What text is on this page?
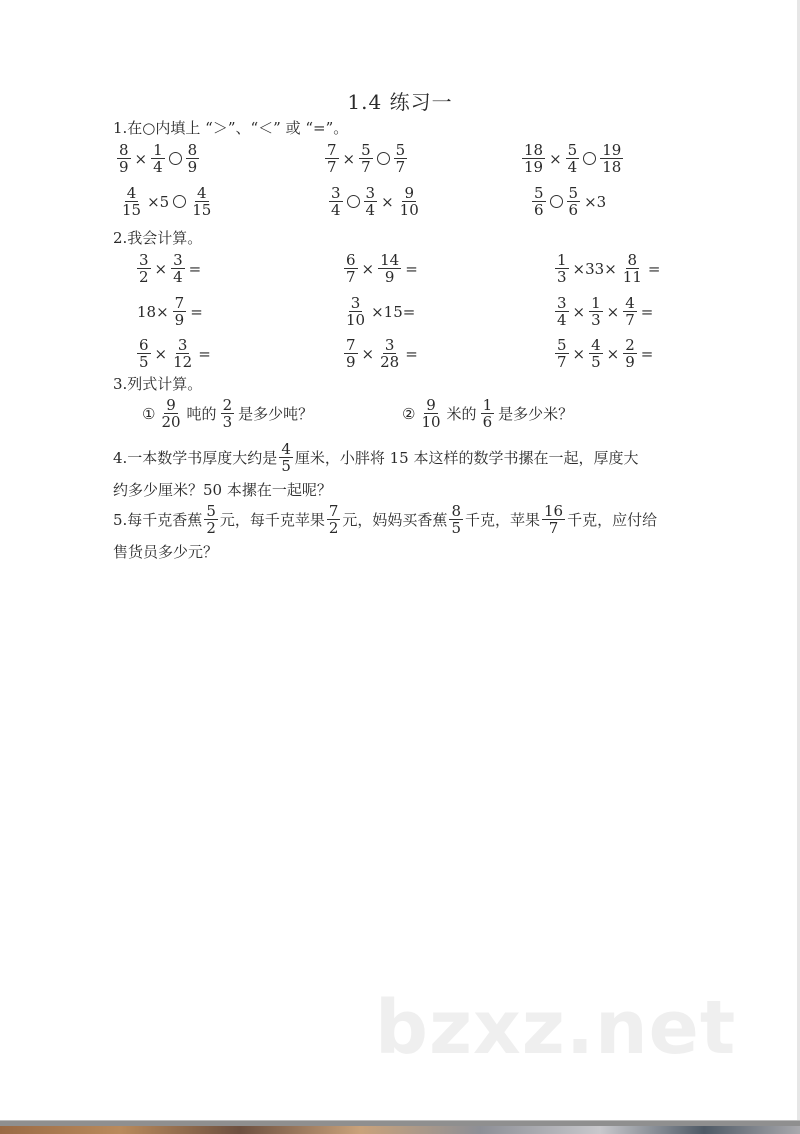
1.4 练习一
1.在○内填上 “＞”、“＜” 或 “=”。
$\frac{8}{9} \times \frac{1}{4} \frac{8}{9}$	$\frac{7}{7} \times \frac{5}{7} \frac{5}{7}$	$\frac{18}{19} \times \frac{5}{4} \frac{19}{18}$
$\frac{4}{15} \times 5 \frac{4}{15}$	$\frac{3}{4} \frac{3}{4} \times \frac{9}{10}$	$\frac{5}{6} \frac{5}{6} \times 3$
2.我会计算。
$\frac{3}{2} \times \frac{3}{4}$ =	$\frac{6}{7} \times \frac{14}{9}$ =	$\frac{1}{3} \times 33\times \frac{8}{11}$ =
$18\times \frac{7}{9}$ =	$\frac{3}{10} \times 15=$	$\frac{3}{4} \times \frac{1}{3} \times \frac{4}{7}$ =
$\frac{6}{5} \times \frac{3}{12}$ =	$\frac{7}{9} \times \frac{3}{28}$ =	$\frac{5}{7} \times \frac{4}{5} \times \frac{2}{9}$ =
3.列式计算。
① $\frac{9}{20}$ 吨的 $\frac{2}{3}$ 是多少吨？	② $\frac{9}{10}$ 米的 $\frac{1}{6}$ 是多少米？
4.一本数学书厚度大约是 $\frac{4}{5}$ 厘米，小胖将 15 本这样的数学书摞在一起，厚度大
约多少厘米？50 本摞在一起呢？
5.每千克香蕉 $\frac{5}{2}$ 元，每千克苹果 $\frac{7}{2}$ 元，妈妈买香蕉 $\frac{8}{5}$ 千克，苹果 $\frac{16}{7}$ 千克，应付给
售货员多少元？
bzxz.net
